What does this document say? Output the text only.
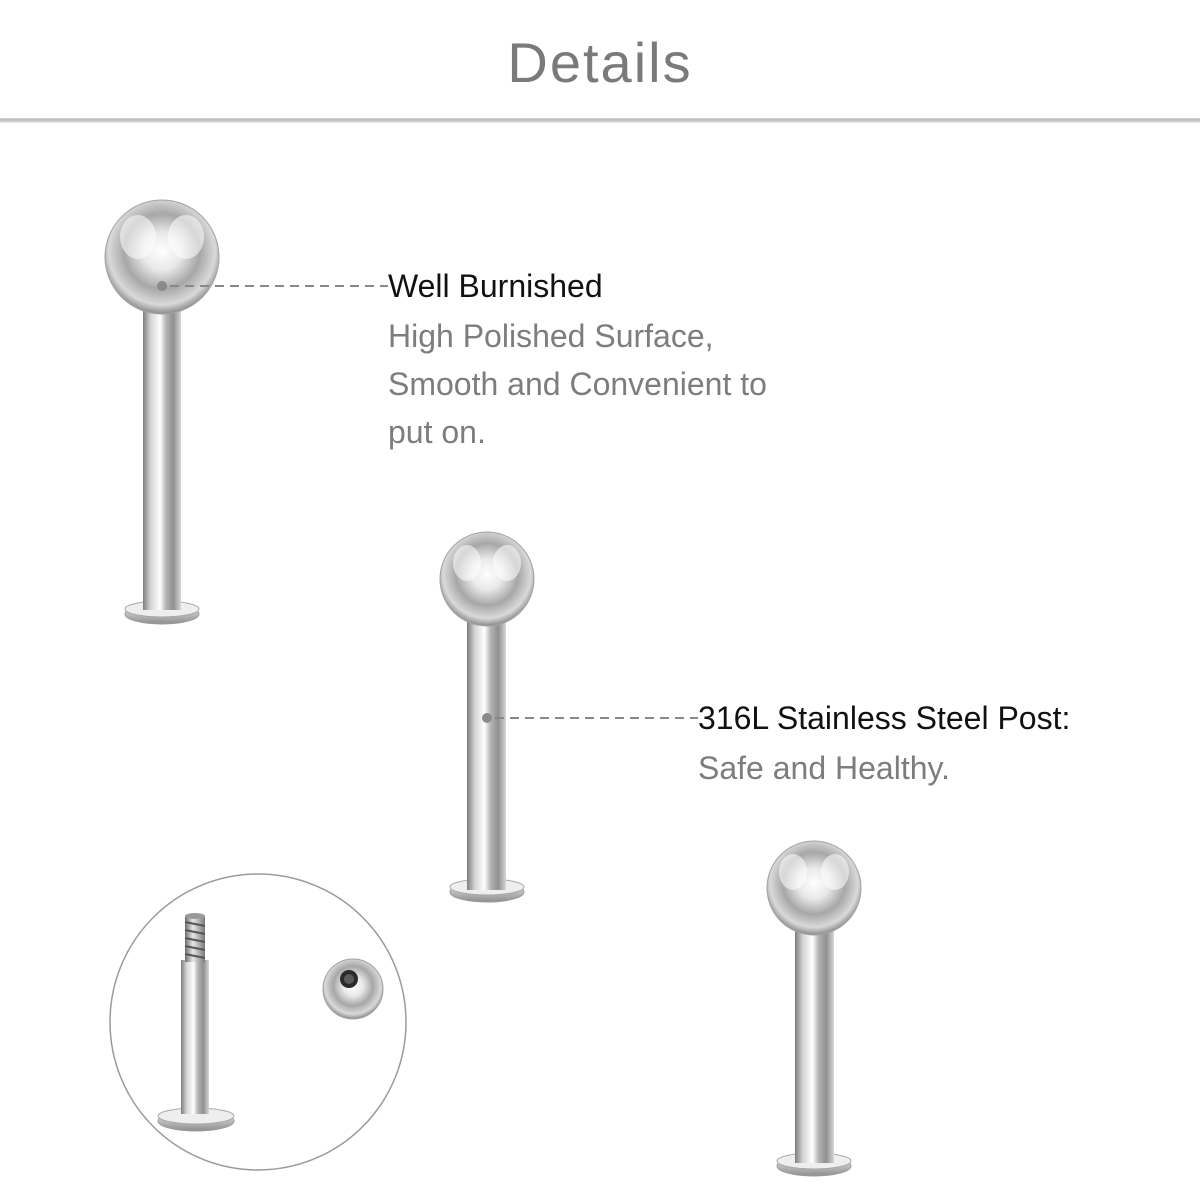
Details
Well Burnished
High Polished Surface,
Smooth and Convenient to
put on.
316L Stainless Steel Post:
Safe and Healthy.
